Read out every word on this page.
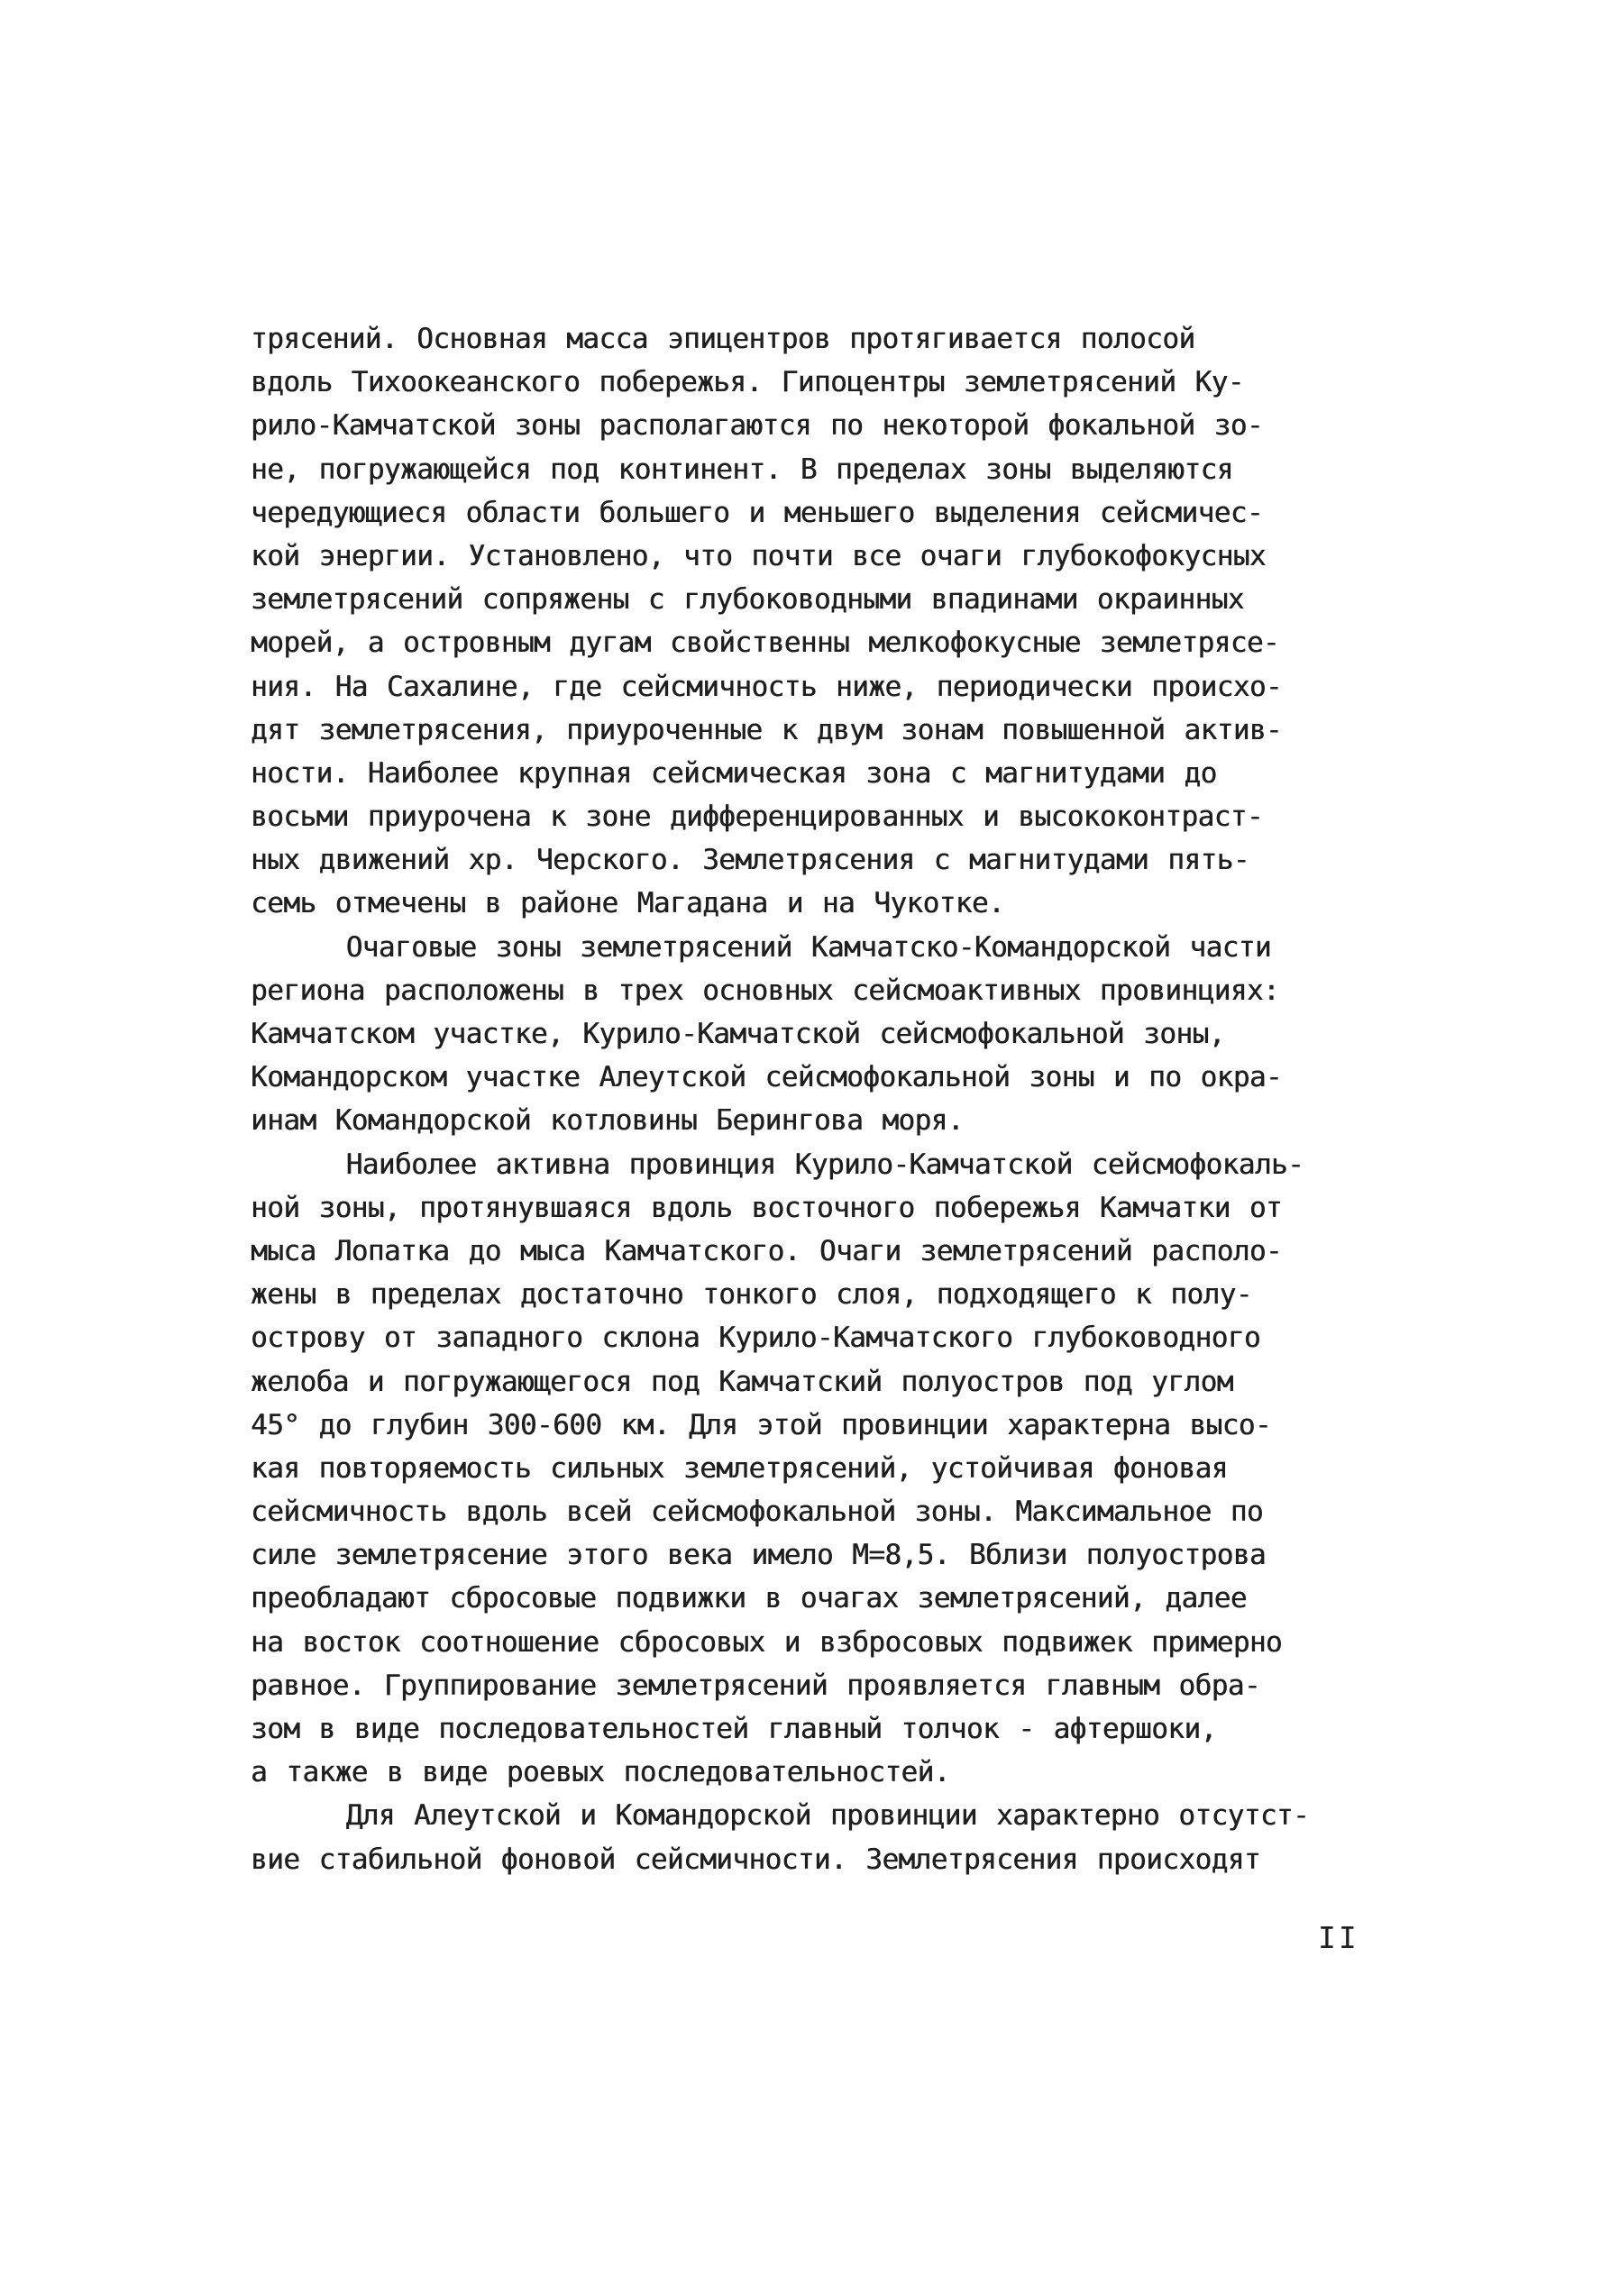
трясений. Основная масса эпицентров протягивается полосой
вдоль Тихоокеанского побережья. Гипоцентры землетрясений Ку-
рило-Камчатской зоны располагаются по некоторой фокальной зо-
не, погружающейся под континент. В пределах зоны выделяются
чередующиеся области большего и меньшего выделения сейсмичес-
кой энергии. Установлено, что почти все очаги глубокофокусных
землетрясений сопряжены с глубоководными впадинами окраинных
морей, а островным дугам свойственны мелкофокусные землетрясе-
ния. На Сахалине, где сейсмичность ниже, периодически происхо-
дят землетрясения, приуроченные к двум зонам повышенной актив-
ности. Наиболее крупная сейсмическая зона с магнитудами до
восьми приурочена к зоне дифференцированных и высококонтраст-
ных движений хр. Черского. Землетрясения с магнитудами пять-
семь отмечены в районе Магадана и на Чукотке.
Очаговые зоны землетрясений Камчатско-Командорской части
региона расположены в трех основных сейсмоактивных провинциях:
Камчатском участке, Курило-Камчатской сейсмофокальной зоны,
Командорском участке Алеутской сейсмофокальной зоны и по окра-
инам Командорской котловины Берингова моря.
Наиболее активна провинция Курило-Камчатской сейсмофокаль-
ной зоны, протянувшаяся вдоль восточного побережья Камчатки от
мыса Лопатка до мыса Камчатского. Очаги землетрясений располо-
жены в пределах достаточно тонкого слоя, подходящего к полу-
острову от западного склона Курило-Камчатского глубоководного
желоба и погружающегося под Камчатский полуостров под углом
45° до глубин 300-600 км. Для этой провинции характерна высо-
кая повторяемость сильных землетрясений, устойчивая фоновая
сейсмичность вдоль всей сейсмофокальной зоны. Максимальное по
силе землетрясение этого века имело М=8,5. Вблизи полуострова
преобладают сбросовые подвижки в очагах землетрясений, далее
на восток соотношение сбросовых и взбросовых подвижек примерно
равное. Группирование землетрясений проявляется главным обра-
зом в виде последовательностей главный толчок - афтершоки,
а также в виде роевых последовательностей.
Для Алеутской и Командорской провинции характерно отсутст-
вие стабильной фоновой сейсмичности. Землетрясения происходят
II
